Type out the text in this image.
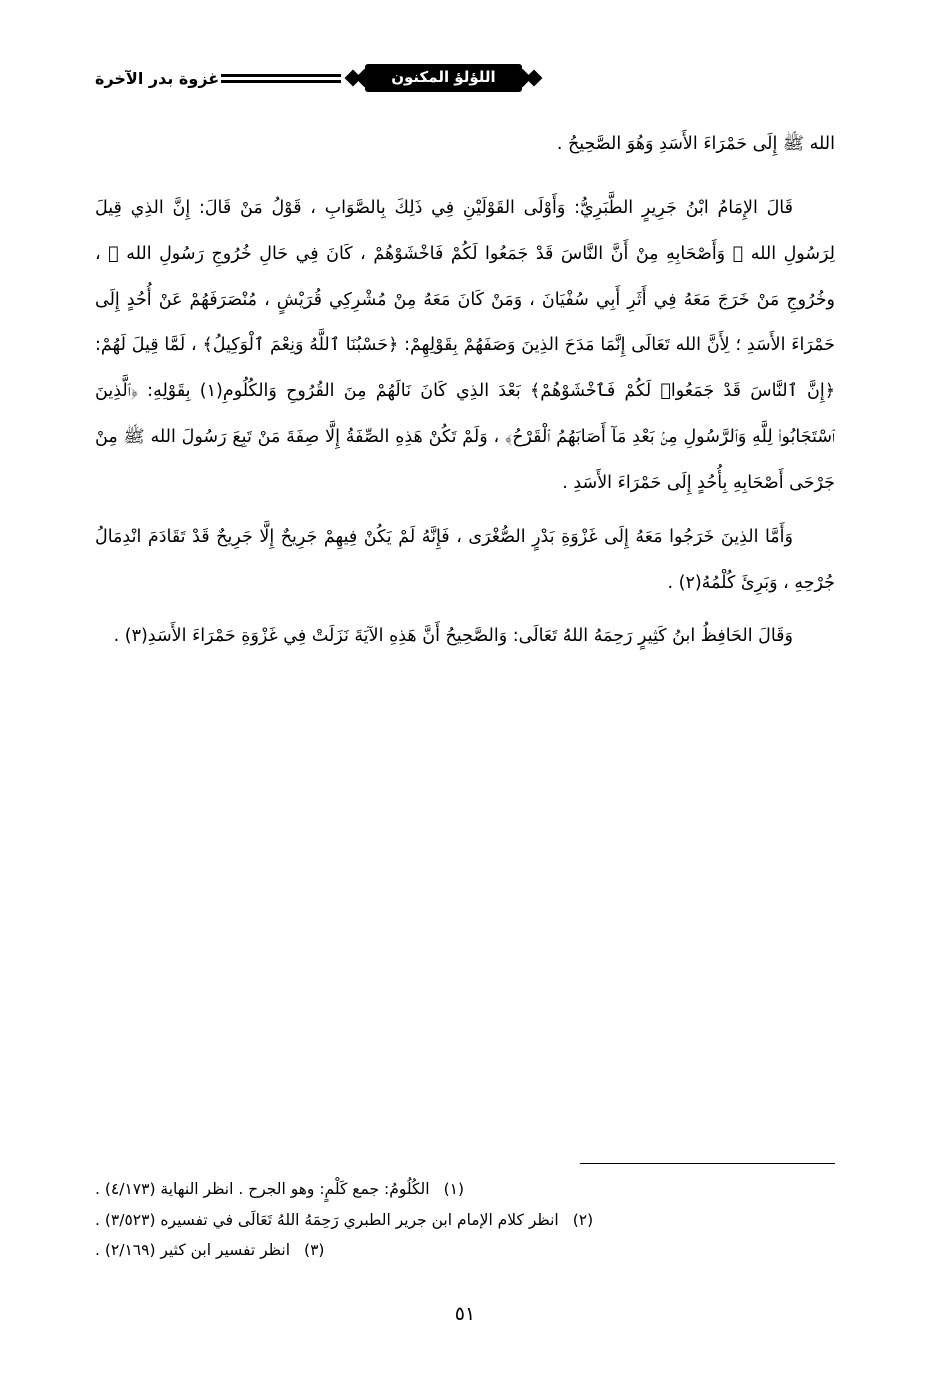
غزوة بدر الآخرة	اللؤلؤ المكنون

الله ﷺ إِلَى حَمْرَاءَ الأَسَدِ وَهُوَ الصَّحِيحُ .

قَالَ الإِمَامُ ابْنُ جَرِيرٍ الطَّبَرِيُّ: وَأَوْلَى القَوْلَيْنِ فِي ذَلِكَ بِالصَّوَابِ ، قَوْلُ مَنْ قَالَ: إِنَّ الذِي قِيلَ لِرَسُولِ الله ﷺ وَأَصْحَابِهِ مِنْ أَنَّ النَّاسَ قَدْ جَمَعُوا لَكُمْ فَاخْشَوْهُمْ ، كَانَ فِي حَالِ خُرُوجِ رَسُولِ الله ﷺ ، وخُرُوجِ مَنْ خَرَجَ مَعَهُ فِي أَثَرِ أَبِي سُفْيَانَ ، وَمَنْ كَانَ مَعَهُ مِنْ مُشْرِكِي قُرَيْشٍ ، مُنْصَرَفَهُمْ عَنْ أُحُدٍ إِلَى حَمْرَاءَ الأَسَدِ ؛ لِأَنَّ الله تَعَالَى إِنَّمَا مَدَحَ الذِينَ وَصَفَهُمْ بِقَوْلِهِمْ: ﴿حَسْبُنَا ٱللَّهُ وَنِعْمَ ٱلْوَكِيلُ﴾ ، لَمَّا قِيلَ لَهُمْ: ﴿إِنَّ ٱلنَّاسَ قَدْ جَمَعُوا۟ لَكُمْ فَٱخْشَوْهُمْ﴾ بَعْدَ الذِي كَانَ نَالَهُمْ مِنَ القُرُوحِ وَالكُلُومِ(١) بِقَوْلِهِ: ﴿ٱلَّذِينَ ٱسْتَجَابُوا۟ لِلَّهِ وَٱلرَّسُولِ مِنۢ بَعْدِ مَآ أَصَابَهُمُ ٱلْقَرْحُ﴾ ، وَلَمْ تَكُنْ هَذِهِ الصِّفَةُ إِلَّا صِفَةَ مَنْ تَبِعَ رَسُولَ الله ﷺ مِنْ جَرْحَى أَصْحَابِهِ بِأُحُدٍ إِلَى حَمْرَاءَ الأَسَدِ .

وَأَمَّا الذِينَ خَرَجُوا مَعَهُ إِلَى غَزْوَةِ بَدْرٍ الصُّغْرَى ، فَإِنَّهُ لَمْ يَكُنْ فِيهِمْ جَرِيحٌ إِلَّا جَرِيحٌ قَدْ تَقَادَمَ انْدِمَالُ جُرْحِهِ ، وَبَرِئَ كُلْمُهُ(٢) .

وَقَالَ الحَافِظُ ابنُ كَثِيرٍ رَحِمَهُ اللهُ تَعَالَى: وَالصَّحِيحُ أَنَّ هَذِهِ الآيَةَ نَزَلَتْ فِي غَزْوَةِ حَمْرَاءَ الأَسَدِ(٣) .

(١)
الكُلُومُ: جمع كَلْمٍ: وهو الجرح . انظر النهاية (٤/١٧٣) .
(٢)
انظر كلام الإمام ابن جرير الطبري رَحِمَهُ اللهُ تَعَالَى في تفسيره (٣/٥٢٣) .
(٣)
انظر تفسير ابن كثير (٢/١٦٩) .
٥١
